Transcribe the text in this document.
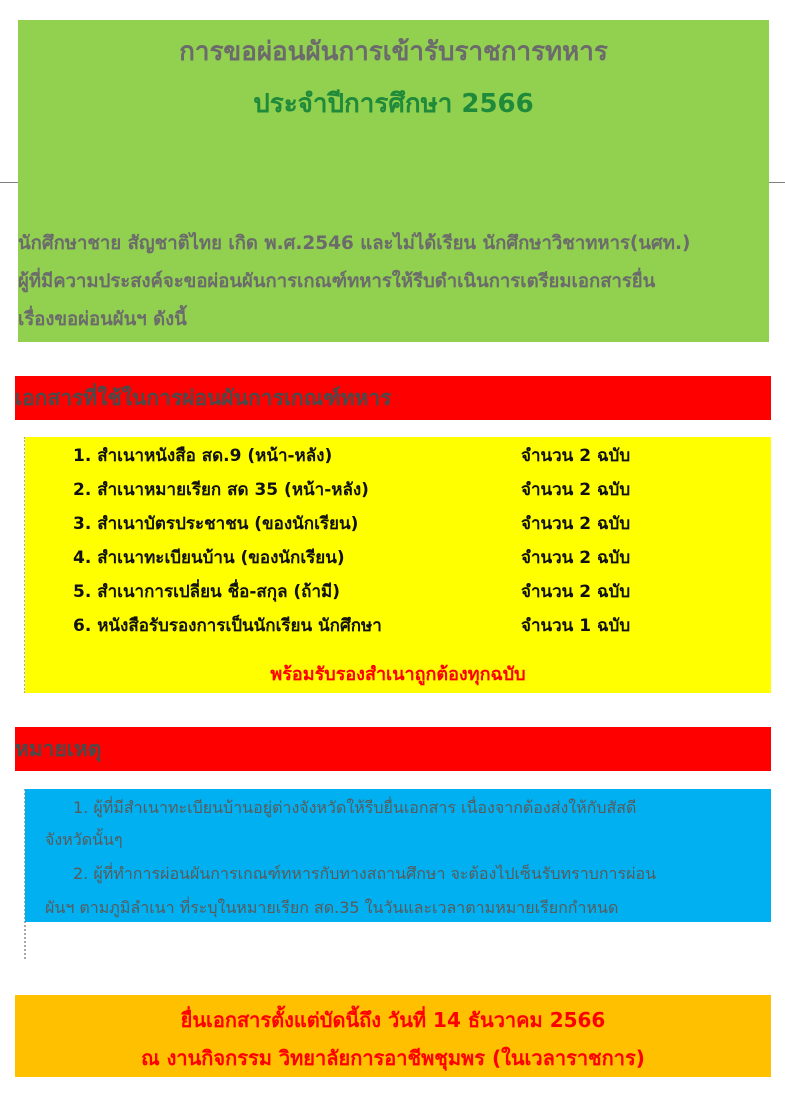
การขอผ่อนผันการเข้ารับราชการทหาร
ประจำปีการศึกษา 2566
นักศึกษาชาย สัญชาติไทย เกิด พ.ศ.2546 และไม่ได้เรียน นักศึกษาวิชาทหาร(นศท.)
ผู้ที่มีความประสงค์จะขอผ่อนผันการเกณฑ์ทหารให้รีบดำเนินการเตรียมเอกสารยื่น
เรื่องขอผ่อนผันฯ ดังนี้
เอกสารที่ใช้ในการผ่อนผันการเกณฑ์ทหาร
1. สำเนาหนังสือ สด.9 (หน้า-หลัง)	จำนวน 2 ฉบับ
2. สำเนาหมายเรียก สด 35 (หน้า-หลัง)	จำนวน 2 ฉบับ
3. สำเนาบัตรประชาชน (ของนักเรียน)	จำนวน 2 ฉบับ
4. สำเนาทะเบียนบ้าน (ของนักเรียน)	จำนวน 2 ฉบับ
5. สำเนาการเปลี่ยน ชื่อ-สกุล (ถ้ามี)	จำนวน 2 ฉบับ
6. หนังสือรับรองการเป็นนักเรียน นักศึกษา	จำนวน 1 ฉบับ
พร้อมรับรองสำเนาถูกต้องทุกฉบับ
หมายเหตุ
1. ผู้ที่มีสำเนาทะเบียนบ้านอยู่ต่างจังหวัดให้รีบยื่นเอกสาร เนื่องจากต้องส่งให้กับสัสดี
จังหวัดนั้นๆ
2. ผู้ที่ทำการผ่อนผันการเกณฑ์ทหารกับทางสถานศึกษา จะต้องไปเซ็นรับทราบการผ่อน
ผันฯ ตามภูมิลำเนา ที่ระบุในหมายเรียก สด.35 ในวันและเวลาตามหมายเรียกกำหนด
ยื่นเอกสารตั้งแต่บัดนี้ถึง วันที่ 14 ธันวาคม 2566
ณ งานกิจกรรม วิทยาลัยการอาชีพชุมพร (ในเวลาราชการ)
